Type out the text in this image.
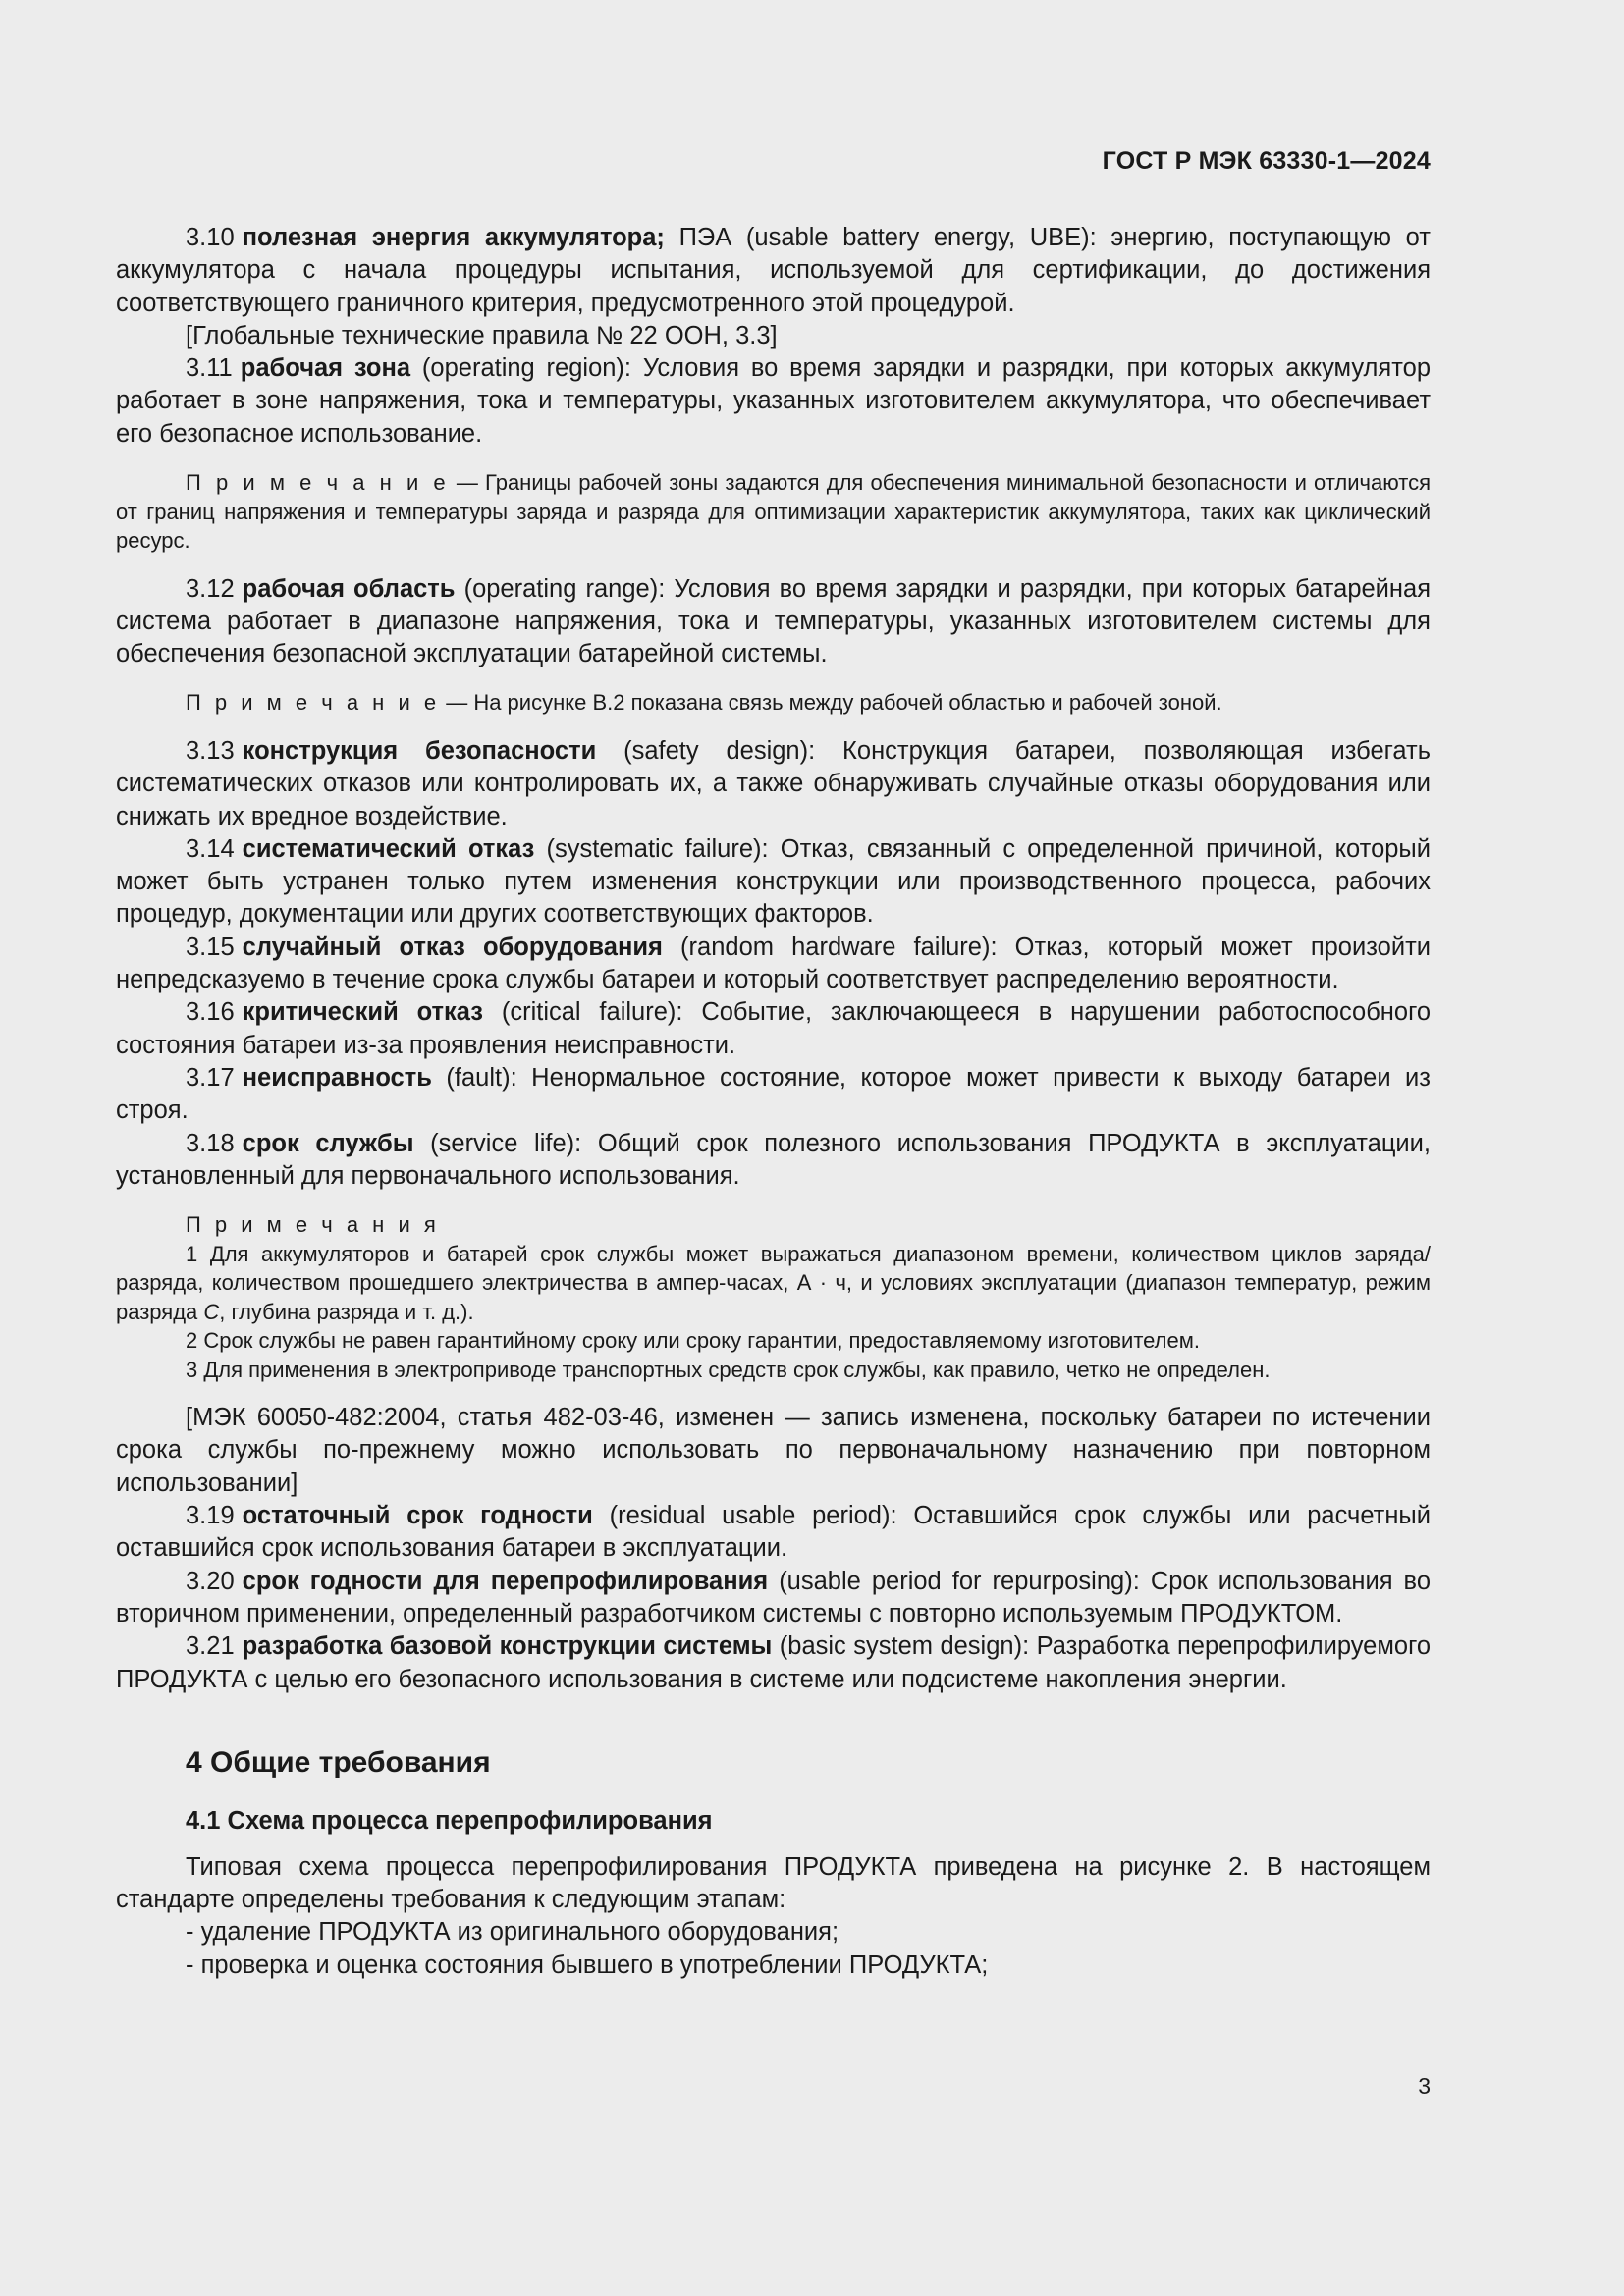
ГОСТ Р МЭК 63330-1—2024

3.10 полезная энергия аккумулятора; ПЭА (usable battery energy, UBE): энергию, поступающую от аккумулятора с начала процедуры испытания, используемой для сертификации, до достижения соответствующего граничного критерия, предусмотренного этой процедурой.

[Глобальные технические правила № 22 ООН, 3.3]

3.11 рабочая зона (operating region): Условия во время зарядки и разрядки, при которых аккумулятор работает в зоне напряжения, тока и температуры, указанных изготовителем аккумулятора, что обеспечивает его безопасное использование.

П р и м е ч а н и е — Границы рабочей зоны задаются для обеспечения минимальной безопасности и отличаются от границ напряжения и температуры заряда и разряда для оптимизации характеристик аккумулятора, таких как циклический ресурс.

3.12 рабочая область (operating range): Условия во время зарядки и разрядки, при которых батарейная система работает в диапазоне напряжения, тока и температуры, указанных изготовителем системы для обеспечения безопасной эксплуатации батарейной системы.

П р и м е ч а н и е — На рисунке В.2 показана связь между рабочей областью и рабочей зоной.

3.13 конструкция безопасности (safety design): Конструкция батареи, позволяющая избегать систематических отказов или контролировать их, а также обнаруживать случайные отказы оборудования или снижать их вредное воздействие.

3.14 систематический отказ (systematic failure): Отказ, связанный с определенной причиной, который может быть устранен только путем изменения конструкции или производственного процесса, рабочих процедур, документации или других соответствующих факторов.

3.15 случайный отказ оборудования (random hardware failure): Отказ, который может произойти непредсказуемо в течение срока службы батареи и который соответствует распределению вероятности.

3.16 критический отказ (critical failure): Событие, заключающееся в нарушении работоспособного состояния батареи из-за проявления неисправности.

3.17 неисправность (fault): Ненормальное состояние, которое может привести к выходу батареи из строя.

3.18 срок службы (service life): Общий срок полезного использования ПРОДУКТА в эксплуатации, установленный для первоначального использования.

П р и м е ч а н и я

1 Для аккумуляторов и батарей срок службы может выражаться диапазоном времени, количеством циклов заряда/разряда, количеством прошедшего электричества в ампер-часах, А · ч, и условиях эксплуатации (диапазон температур, режим разряда C, глубина разряда и т. д.).

2 Срок службы не равен гарантийному сроку или сроку гарантии, предоставляемому изготовителем.

3 Для применения в электроприводе транспортных средств срок службы, как правило, четко не определен.

[МЭК 60050-482:2004, статья 482-03-46, изменен — запись изменена, поскольку батареи по истечении срока службы по-прежнему можно использовать по первоначальному назначению при повторном использовании]

3.19 остаточный срок годности (residual usable period): Оставшийся срок службы или расчетный оставшийся срок использования батареи в эксплуатации.

3.20 срок годности для перепрофилирования (usable period for repurposing): Срок использования во вторичном применении, определенный разработчиком системы с повторно используемым ПРОДУКТОМ.

3.21 разработка базовой конструкции системы (basic system design): Разработка перепрофилируемого ПРОДУКТА с целью его безопасного использования в системе или подсистеме накопления энергии.

4 Общие требования
4.1 Схема процесса перепрофилирования

Типовая схема процесса перепрофилирования ПРОДУКТА приведена на рисунке 2. В настоящем стандарте определены требования к следующим этапам:

- удаление ПРОДУКТА из оригинального оборудования;

- проверка и оценка состояния бывшего в употреблении ПРОДУКТА;

3
